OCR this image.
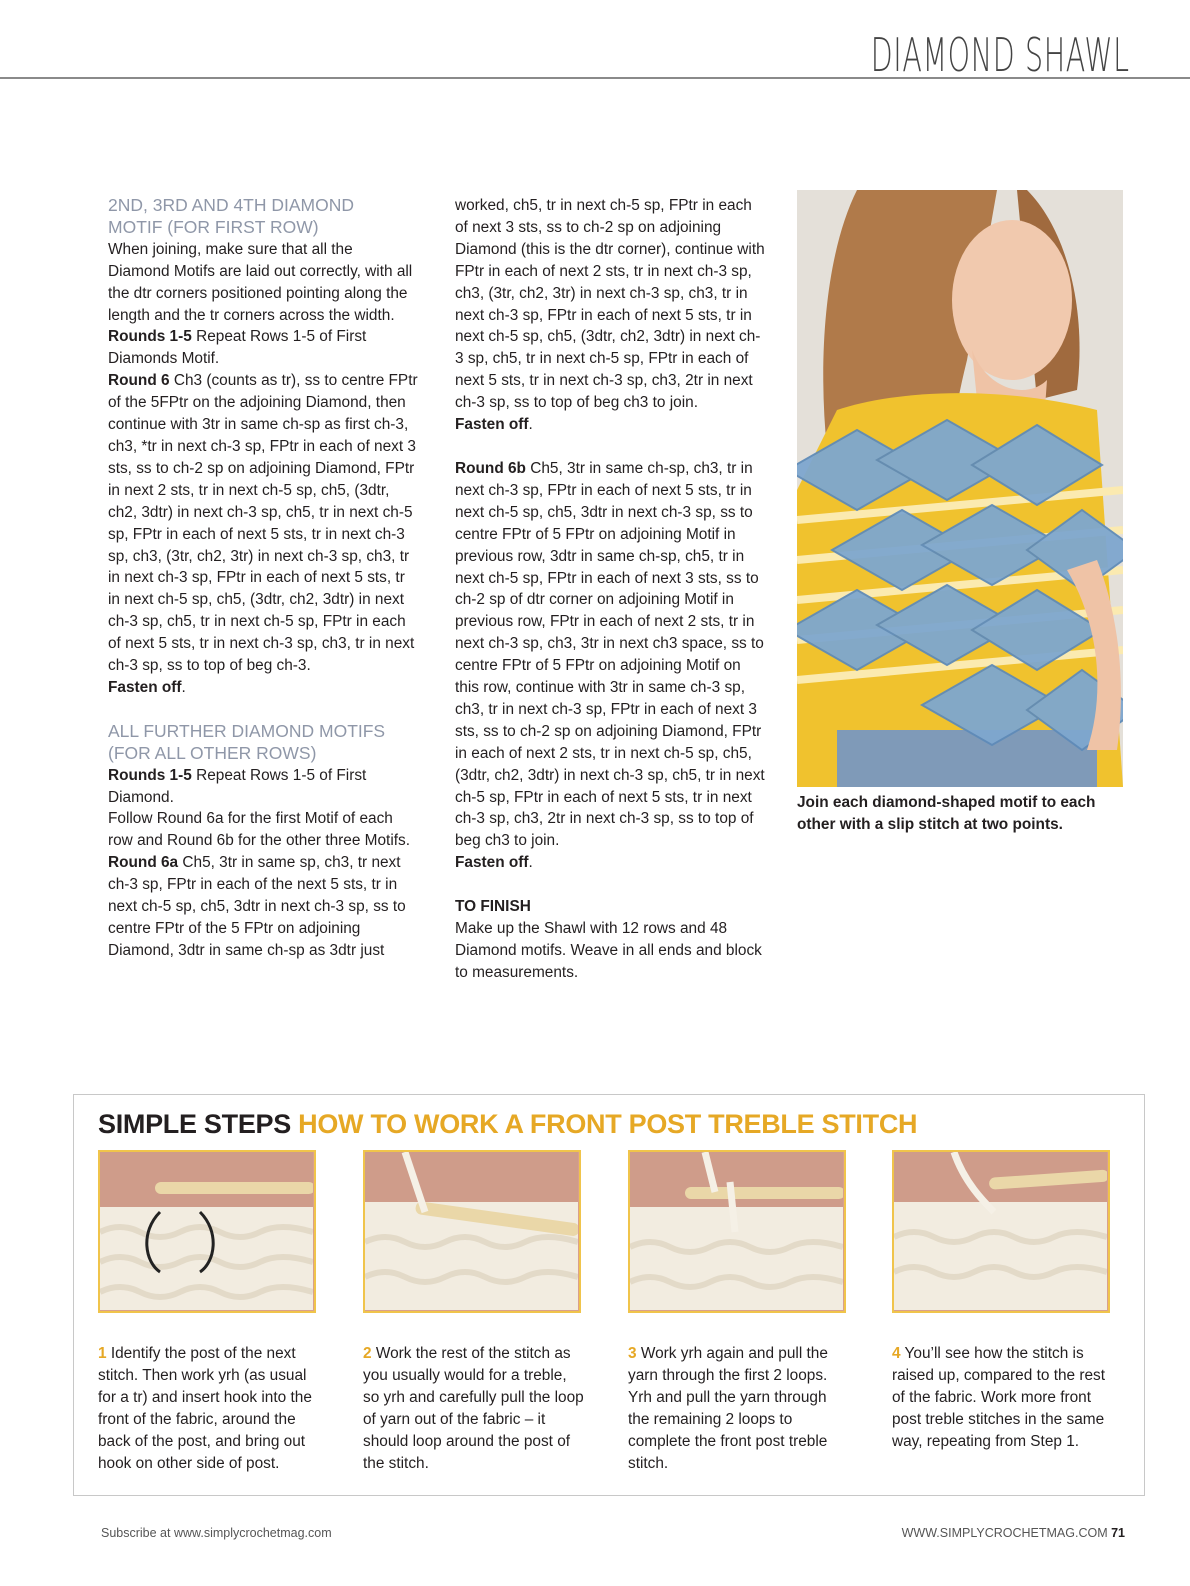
DIAMOND SHAWL
2ND, 3RD AND 4TH DIAMOND
MOTIF (FOR FIRST ROW)

When joining, make sure that all the Diamond Motifs are laid out correctly, with all the dtr corners positioned pointing along the length and the tr corners across the width.

Rounds 1-5 Repeat Rows 1-5 of First Diamonds Motif.

Round 6 Ch3 (counts as tr), ss to centre FPtr of the 5FPtr on the adjoining Diamond, then continue with 3tr in same ch-sp as first ch-3, ch3, *tr in next ch-3 sp, FPtr in each of next 3 sts, ss to ch-2 sp on adjoining Diamond, FPtr in next 2 sts, tr in next ch-5 sp, ch5, (3dtr, ch2, 3dtr) in next ch-3 sp, ch5, tr in next ch-5 sp, FPtr in each of next 5 sts, tr in next ch-3 sp, ch3, (3tr, ch2, 3tr) in next ch-3 sp, ch3, tr in next ch-3 sp, FPtr in each of next 5 sts, tr in next ch-5 sp, ch5, (3dtr, ch2, 3dtr) in next ch-3 sp, ch5, tr in next ch-5 sp, FPtr in each of next 5 sts, tr in next ch-3 sp, ch3, tr in next ch-3 sp, ss to top of beg ch-3.

Fasten off.

ALL FURTHER DIAMOND MOTIFS
(FOR ALL OTHER ROWS)

Rounds 1-5 Repeat Rows 1-5 of First Diamond.

Follow Round 6a for the first Motif of each row and Round 6b for the other three Motifs.

Round 6a Ch5, 3tr in same sp, ch3, tr next ch-3 sp, FPtr in each of the next 5 sts, tr in next ch-5 sp, ch5, 3dtr in next ch-3 sp, ss to centre FPtr of the 5 FPtr on adjoining Diamond, 3dtr in same ch-sp as 3dtr just

worked, ch5, tr in next ch-5 sp, FPtr in each of next 3 sts, ss to ch-2 sp on adjoining Diamond (this is the dtr corner), continue with FPtr in each of next 2 sts, tr in next ch-3 sp, ch3, (3tr, ch2, 3tr) in next ch-3 sp, ch3, tr in next ch-3 sp, FPtr in each of next 5 sts, tr in next ch-5 sp, ch5, (3dtr, ch2, 3dtr) in next ch-3 sp, ch5, tr in next ch-5 sp, FPtr in each of next 5 sts, tr in next ch-3 sp, ch3, 2tr in next ch-3 sp, ss to top of beg ch3 to join.

Fasten off.

Round 6b Ch5, 3tr in same ch-sp, ch3, tr in next ch-3 sp, FPtr in each of next 5 sts, tr in next ch-5 sp, ch5, 3dtr in next ch-3 sp, ss to centre FPtr of 5 FPtr on adjoining Motif in previous row, 3dtr in same ch-sp, ch5, tr in next ch-5 sp, FPtr in each of next 3 sts, ss to ch-2 sp of dtr corner on adjoining Motif in previous row, FPtr in each of next 2 sts, tr in next ch-3 sp, ch3, 3tr in next ch3 space, ss to centre FPtr of 5 FPtr on adjoining Motif on this row, continue with 3tr in same ch-3 sp, ch3, tr in next ch-3 sp, FPtr in each of next 3 sts, ss to ch-2 sp on adjoining Diamond, FPtr in each of next 2 sts, tr in next ch-5 sp, ch5, (3dtr, ch2, 3dtr) in next ch-3 sp, ch5, tr in next ch-5 sp, FPtr in each of next 5 sts, tr in next ch-3 sp, ch3, 2tr in next ch-3 sp, ss to top of beg ch3 to join.

Fasten off.

TO FINISH

Make up the Shawl with 12 rows and 48 Diamond motifs. Weave in all ends and block to measurements.

Join each diamond-shaped motif to each other with a slip stitch at two points.
SIMPLE STEPS HOW TO WORK A FRONT POST TREBLE STITCH
1 Identify the post of the next stitch. Then work yrh (as usual for a tr) and insert hook into the front of the fabric, around the back of the post, and bring out hook on other side of post.
2 Work the rest of the stitch as you usually would for a treble, so yrh and carefully pull the loop of yarn out of the fabric – it should loop around the post of the stitch.
3 Work yrh again and pull the yarn through the first 2 loops. Yrh and pull the yarn through the remaining 2 loops to complete the front post treble stitch.
4 You’ll see how the stitch is raised up, compared to the rest of the fabric. Work more front post treble stitches in the same way, repeating from Step 1.
Subscribe at www.simplycrochetmag.com	WWW.SIMPLYCROCHETMAG.COM 71
